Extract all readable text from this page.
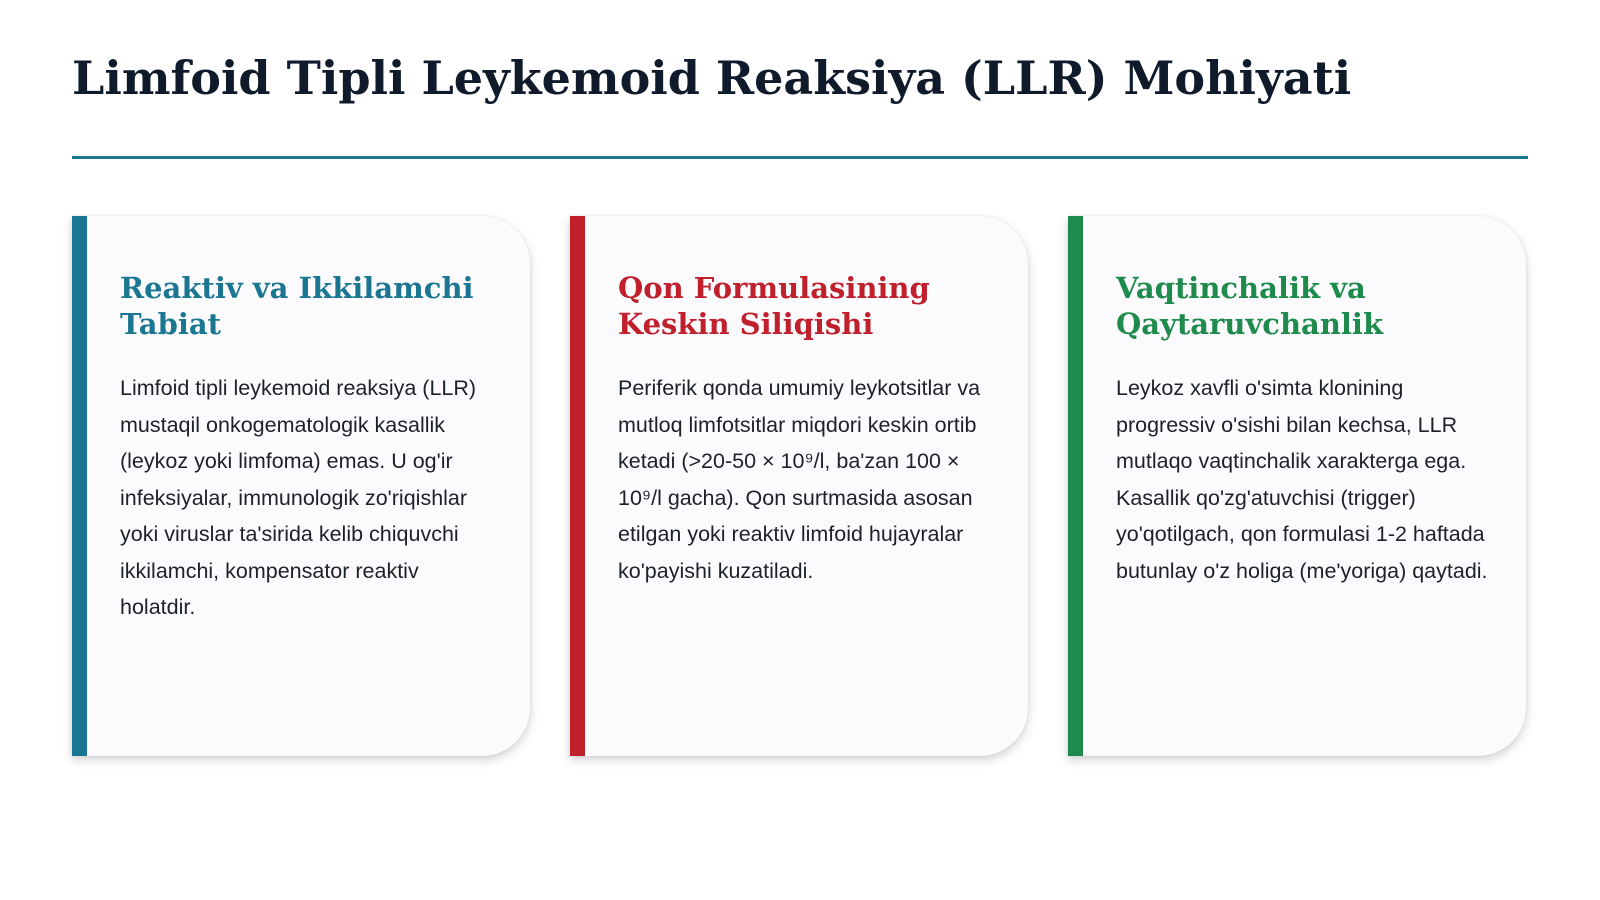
Limfoid Tipli Leykemoid Reaksiya (LLR) Mohiyati
Reaktiv va Ikkilamchi Tabiat

Limfoid tipli leykemoid reaksiya (LLR) mustaqil onkogematologik kasallik (leykoz yoki limfoma) emas. U og'ir infeksiyalar, immunologik zo'riqishlar yoki viruslar ta'sirida kelib chiquvchi ikkilamchi, kompensator reaktiv holatdir.

Qon Formulasining Keskin Siliqishi

Periferik qonda umumiy leykotsitlar va mutloq limfotsitlar miqdori keskin ortib ketadi (>20-50 × 10⁹/l, ba'zan 100 × 10⁹/l gacha). Qon surtmasida asosan etilgan yoki reaktiv limfoid hujayralar ko'payishi kuzatiladi.

Vaqtinchalik va Qaytaruvchanlik

Leykoz xavfli o'simta klonining progressiv o'sishi bilan kechsa, LLR mutlaqo vaqtinchalik xarakterga ega. Kasallik qo'zg'atuvchisi (trigger) yo'qotilgach, qon formulasi 1-2 haftada butunlay o'z holiga (me'yoriga) qaytadi.
